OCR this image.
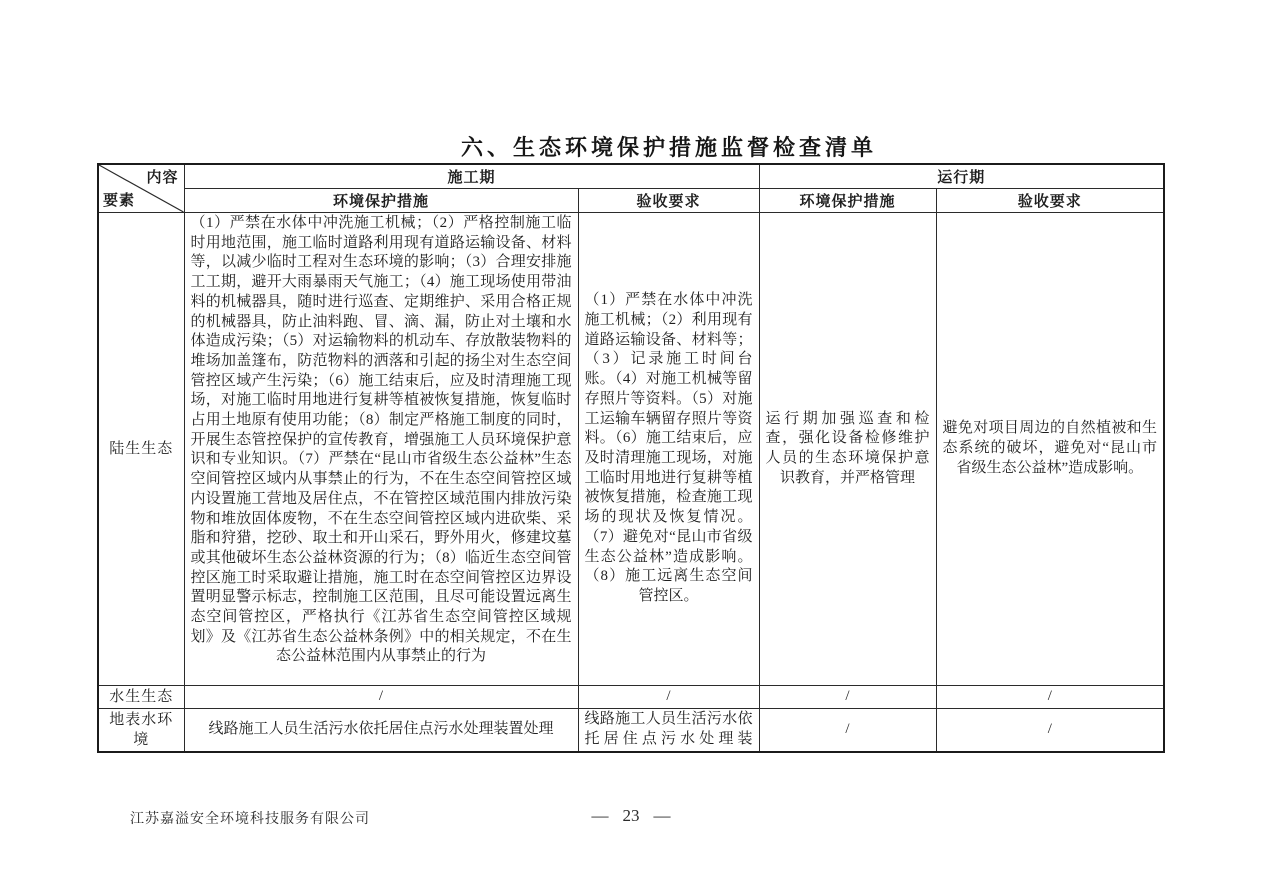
六、生态环境保护措施监督检查清单
内容
要素	施工期		运行期	
	环境保护措施	验收要求	环境保护措施	验收要求
陆生生态	（1）严禁在水体中冲洗施工机械；（2）严格控制施工临时用地范围，施工临时道路利用现有道路运输设备、材料等，以减少临时工程对生态环境的影响；（3）合理安排施工工期，避开大雨暴雨天气施工；（4）施工现场使用带油料的机械器具，随时进行巡查、定期维护、采用合格正规的机械器具，防止油料跑、冒、滴、漏，防止对土壤和水体造成污染；（5）对运输物料的机动车、存放散装物料的堆场加盖篷布，防范物料的洒落和引起的扬尘对生态空间管控区域产生污染；（6）施工结束后，应及时清理施工现场，对施工临时用地进行复耕等植被恢复措施，恢复临时占用土地原有使用功能；（8）制定严格施工制度的同时，开展生态管控保护的宣传教育，增强施工人员环境保护意识和专业知识。（7）严禁在“昆山市省级生态公益林”生态空间管控区域内从事禁止的行为，不在生态空间管控区域内设置施工营地及居住点，不在管控区域范围内排放污染物和堆放固体废物，不在生态空间管控区域内进砍柴、采脂和狩猎，挖砂、取土和开山采石，野外用火，修建坟墓或其他破坏生态公益林资源的行为；（8）临近生态空间管控区施工时采取避让措施，施工时在态空间管控区边界设置明显警示标志，控制施工区范围，且尽可能设置远离生态空间管控区，严格执行《江苏省生态空间管控区域规划》及《江苏省生态公益林条例》中的相关规定，不在生态公益林范围内从事禁止的行为	（1）严禁在水体中冲洗施工机械；（2）利用现有道路运输设备、材料等；（3）记录施工时间台账。（4）对施工机械等留存照片等资料。（5）对施工运输车辆留存照片等资料。（6）施工结束后，应及时清理施工现场，对施工临时用地进行复耕等植被恢复措施，检查施工现场的现状及恢复情况。（7）避免对“昆山市省级生态公益林”造成影响。（8）施工远离生态空间管控区。	运行期加强巡查和检查，强化设备检修维护人员的生态环境保护意识教育，并严格管理	避免对项目周边的自然植被和生态系统的破坏，避免对“昆山市省级生态公益林”造成影响。
水生生态	/	/	/	/
地表水环境	线路施工人员生活污水依托居住点污水处理装置处理	线路施工人员生活污水依托居住点污水处理装	/	/
江苏嘉溢安全环境科技服务有限公司	— 23 —
